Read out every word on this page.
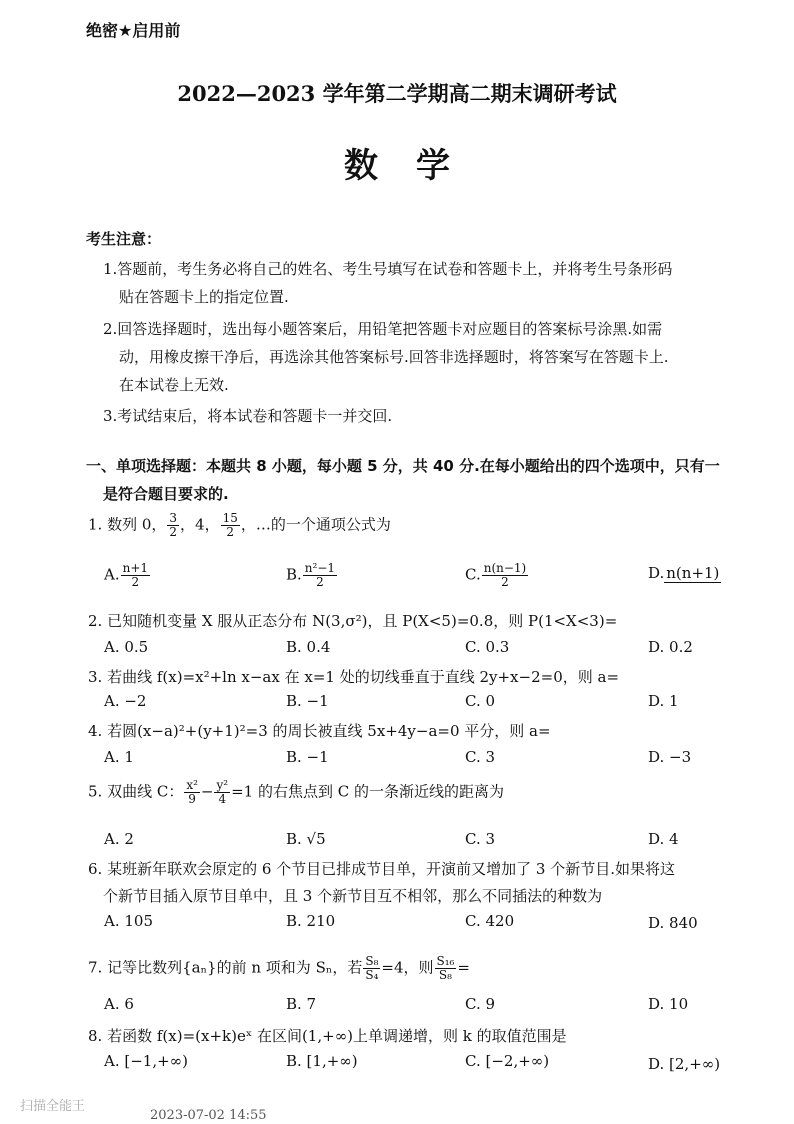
绝密★启用前
2022—2023 学年第二学期高二期末调研考试
数学
考生注意：
1.答题前，考生务必将自己的姓名、考生号填写在试卷和答题卡上，并将考生号条形码
贴在答题卡上的指定位置.
2.回答选择题时，选出每小题答案后，用铅笔把答题卡对应题目的答案标号涂黑.如需
动，用橡皮擦干净后，再选涂其他答案标号.回答非选择题时，将答案写在答题卡上.
在本试卷上无效.
3.考试结束后，将本试卷和答题卡一并交回.
一、单项选择题：本题共 8 小题，每小题 5 分，共 40 分.在每小题给出的四个选项中，只有一
是符合题目要求的.
1. 数列 0， $\frac{3}{2}$ ，4， $\frac{15}{2}$ ，…的一个通项公式为
A. $\frac{n+1}{2}$	B. $\frac{\text{n²−1}}{2}$	C. $\frac{n(n-1)}{2}$	D. n(n+1)
2. 已知随机变量 X 服从正态分布 N(3,σ²)，且 P(X<5)=0.8，则 P(1<X<3)=
A. 0.5	B. 0.4	C. 0.3	D. 0.2
3. 若曲线 f(x)=x²+ln x−ax 在 x=1 处的切线垂直于直线 2y+x−2=0，则 a=
A. −2	B. −1	C. 0	D. 1
4. 若圆(x−a)²+(y+1)²=3 的周长被直线 5x+4y−a=0 平分，则 a=
A. 1	B. −1	C. 3	D. −3
5. 双曲线 C： $\frac{\text{x²}}{9} - \frac{\text{y²}}{4} =1$ 的右焦点到 C 的一条渐近线的距离为
A. 2	B. √5	C. 3	D. 4
6. 某班新年联欢会原定的 6 个节目已排成节目单，开演前又增加了 3 个新节目.如果将这
个新节目插入原节目单中，且 3 个新节目互不相邻，那么不同插法的种数为
A. 105	B. 210	C. 420	D. 840
7. 记等比数列{aₙ}的前 n 项和为 Sₙ，若 $\frac{\text{S₈}}{\text{S₄}} =4$，则 $\frac{\text{S₁₆}}{\text{S₈}}$ =
A. 6	B. 7	C. 9	D. 10
8. 若函数 f(x)=(x+k)eˣ 在区间(1,+∞)上单调递增，则 k 的取值范围是
A. [−1,+∞)	B. [1,+∞)	C. [−2,+∞)	D. [2,+∞)
扫描全能王
2023-07-02 14:55
